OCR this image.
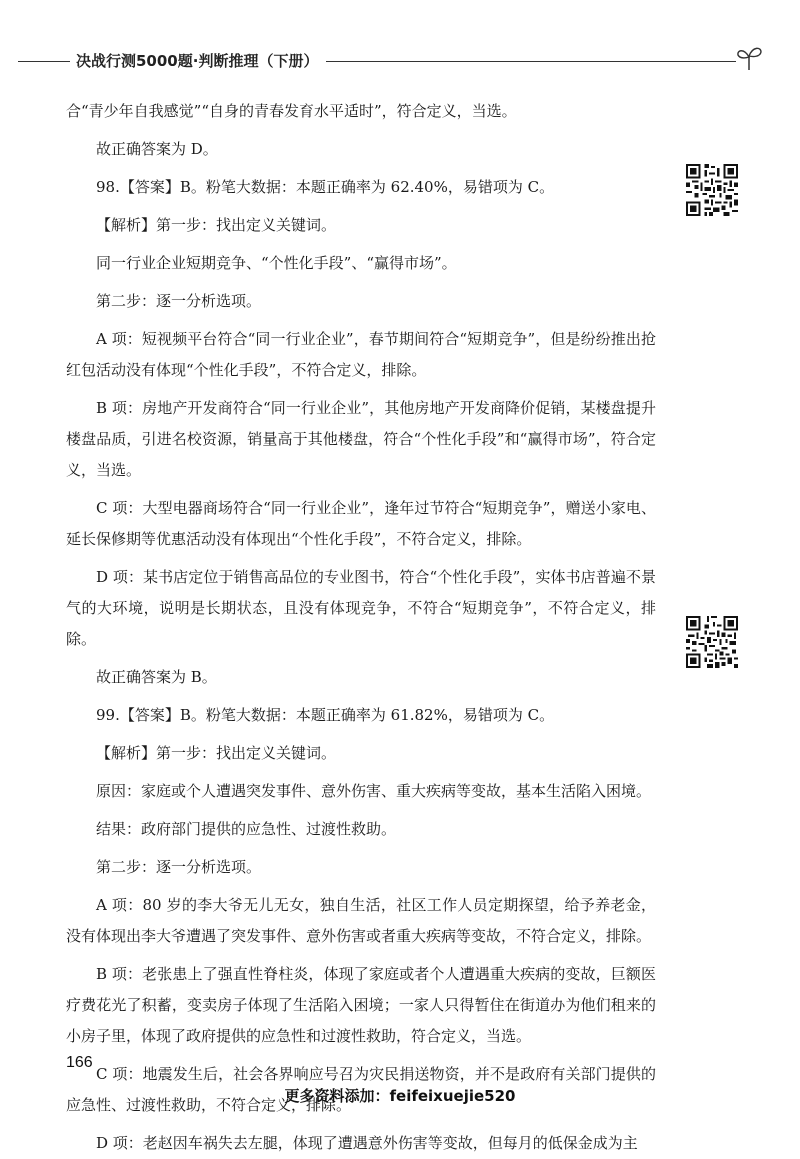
决战行测5000题·判断推理（下册）

合“青少年自我感觉”“自身的青春发育水平适时”，符合定义，当选。

故正确答案为 D。

98.【答案】B。粉笔大数据：本题正确率为 62.40%，易错项为 C。

【解析】第一步：找出定义关键词。

同一行业企业短期竞争、“个性化手段”、“赢得市场”。

第二步：逐一分析选项。

A 项：短视频平台符合“同一行业企业”，春节期间符合“短期竞争”，但是纷纷推出抢红包活动没有体现“个性化手段”，不符合定义，排除。

B 项：房地产开发商符合“同一行业企业”，其他房地产开发商降价促销，某楼盘提升楼盘品质，引进名校资源，销量高于其他楼盘，符合“个性化手段”和“赢得市场”，符合定义，当选。

C 项：大型电器商场符合“同一行业企业”，逢年过节符合“短期竞争”，赠送小家电、延长保修期等优惠活动没有体现出“个性化手段”，不符合定义，排除。

D 项：某书店定位于销售高品位的专业图书，符合“个性化手段”，实体书店普遍不景气的大环境，说明是长期状态，且没有体现竞争，不符合“短期竞争”，不符合定义，排除。

故正确答案为 B。

99.【答案】B。粉笔大数据：本题正确率为 61.82%，易错项为 C。

【解析】第一步：找出定义关键词。

原因：家庭或个人遭遇突发事件、意外伤害、重大疾病等变故，基本生活陷入困境。

结果：政府部门提供的应急性、过渡性救助。

第二步：逐一分析选项。

A 项：80 岁的李大爷无儿无女，独自生活，社区工作人员定期探望，给予养老金，没有体现出李大爷遭遇了突发事件、意外伤害或者重大疾病等变故，不符合定义，排除。

B 项：老张患上了强直性脊柱炎，体现了家庭或者个人遭遇重大疾病的变故，巨额医疗费花光了积蓄，变卖房子体现了生活陷入困境；一家人只得暂住在街道办为他们租来的小房子里，体现了政府提供的应急性和过渡性救助，符合定义，当选。

C 项：地震发生后，社会各界响应号召为灾民捐送物资，并不是政府有关部门提供的应急性、过渡性救助，不符合定义，排除。

D 项：老赵因车祸失去左腿，体现了遭遇意外伤害等变故，但每月的低保金成为主

166
更多资料添加：feifeixuejie520
